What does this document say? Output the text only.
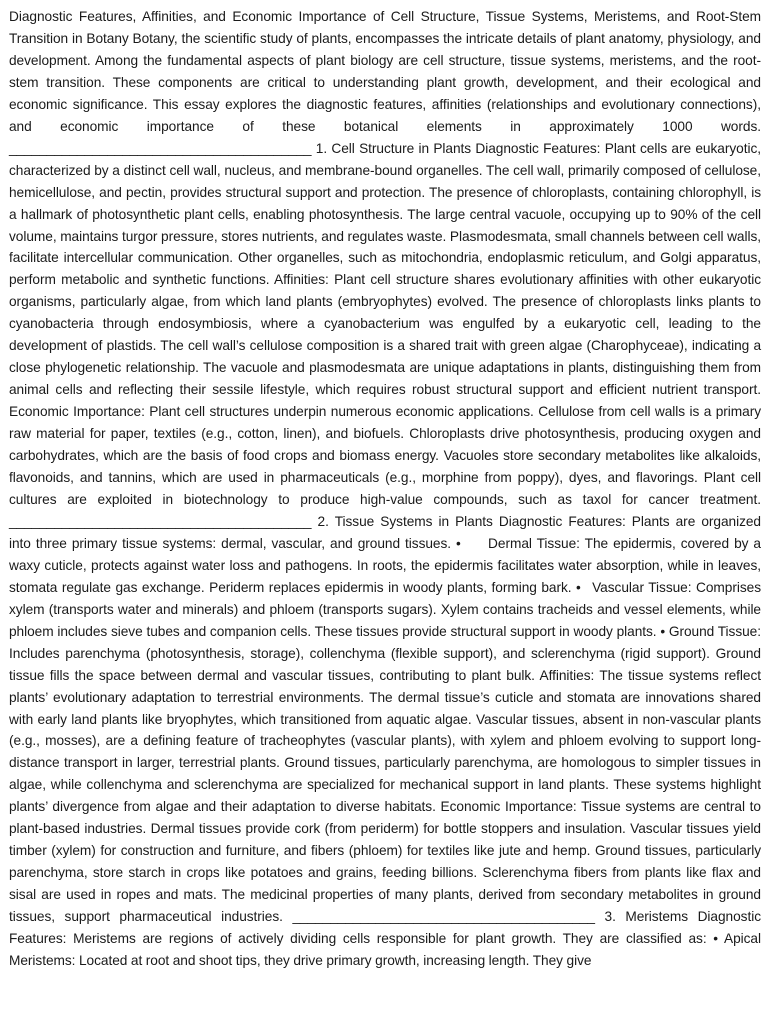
Diagnostic Features, Affinities, and Economic Importance of Cell Structure, Tissue Systems, Meristems, and Root-Stem Transition in Botany Botany, the scientific study of plants, encompasses the intricate details of plant anatomy, physiology, and development. Among the fundamental aspects of plant biology are cell structure, tissue systems, meristems, and the root-stem transition. These components are critical to understanding plant growth, development, and their ecological and economic significance. This essay explores the diagnostic features, affinities (relationships and evolutionary connections), and economic importance of these botanical elements in approximately 1000 words. ________________________________________ 1. Cell Structure in Plants Diagnostic Features: Plant cells are eukaryotic, characterized by a distinct cell wall, nucleus, and membrane-bound organelles. The cell wall, primarily composed of cellulose, hemicellulose, and pectin, provides structural support and protection. The presence of chloroplasts, containing chlorophyll, is a hallmark of photosynthetic plant cells, enabling photosynthesis. The large central vacuole, occupying up to 90% of the cell volume, maintains turgor pressure, stores nutrients, and regulates waste. Plasmodesmata, small channels between cell walls, facilitate intercellular communication. Other organelles, such as mitochondria, endoplasmic reticulum, and Golgi apparatus, perform metabolic and synthetic functions. Affinities: Plant cell structure shares evolutionary affinities with other eukaryotic organisms, particularly algae, from which land plants (embryophytes) evolved. The presence of chloroplasts links plants to cyanobacteria through endosymbiosis, where a cyanobacterium was engulfed by a eukaryotic cell, leading to the development of plastids. The cell wall’s cellulose composition is a shared trait with green algae (Charophyceae), indicating a close phylogenetic relationship. The vacuole and plasmodesmata are unique adaptations in plants, distinguishing them from animal cells and reflecting their sessile lifestyle, which requires robust structural support and efficient nutrient transport. Economic Importance: Plant cell structures underpin numerous economic applications. Cellulose from cell walls is a primary raw material for paper, textiles (e.g., cotton, linen), and biofuels. Chloroplasts drive photosynthesis, producing oxygen and carbohydrates, which are the basis of food crops and biomass energy. Vacuoles store secondary metabolites like alkaloids, flavonoids, and tannins, which are used in pharmaceuticals (e.g., morphine from poppy), dyes, and flavorings. Plant cell cultures are exploited in biotechnology to produce high-value compounds, such as taxol for cancer treatment. ________________________________________ 2. Tissue Systems in Plants Diagnostic Features: Plants are organized into three primary tissue systems: dermal, vascular, and ground tissues. •  Dermal Tissue: The epidermis, covered by a waxy cuticle, protects against water loss and pathogens. In roots, the epidermis facilitates water absorption, while in leaves, stomata regulate gas exchange. Periderm replaces epidermis in woody plants, forming bark. •  Vascular Tissue: Comprises xylem (transports water and minerals) and phloem (transports sugars). Xylem contains tracheids and vessel elements, while phloem includes sieve tubes and companion cells. These tissues provide structural support in woody plants. • Ground Tissue: Includes parenchyma (photosynthesis, storage), collenchyma (flexible support), and sclerenchyma (rigid support). Ground tissue fills the space between dermal and vascular tissues, contributing to plant bulk. Affinities: The tissue systems reflect plants’ evolutionary adaptation to terrestrial environments. The dermal tissue’s cuticle and stomata are innovations shared with early land plants like bryophytes, which transitioned from aquatic algae. Vascular tissues, absent in non-vascular plants (e.g., mosses), are a defining feature of tracheophytes (vascular plants), with xylem and phloem evolving to support long-distance transport in larger, terrestrial plants. Ground tissues, particularly parenchyma, are homologous to simpler tissues in algae, while collenchyma and sclerenchyma are specialized for mechanical support in land plants. These systems highlight plants’ divergence from algae and their adaptation to diverse habitats. Economic Importance: Tissue systems are central to plant-based industries. Dermal tissues provide cork (from periderm) for bottle stoppers and insulation. Vascular tissues yield timber (xylem) for construction and furniture, and fibers (phloem) for textiles like jute and hemp. Ground tissues, particularly parenchyma, store starch in crops like potatoes and grains, feeding billions. Sclerenchyma fibers from plants like flax and sisal are used in ropes and mats. The medicinal properties of many plants, derived from secondary metabolites in ground tissues, support pharmaceutical industries. ________________________________________ 3. Meristems Diagnostic Features: Meristems are regions of actively dividing cells responsible for plant growth. They are classified as: • Apical Meristems: Located at root and shoot tips, they drive primary growth, increasing length. They give
